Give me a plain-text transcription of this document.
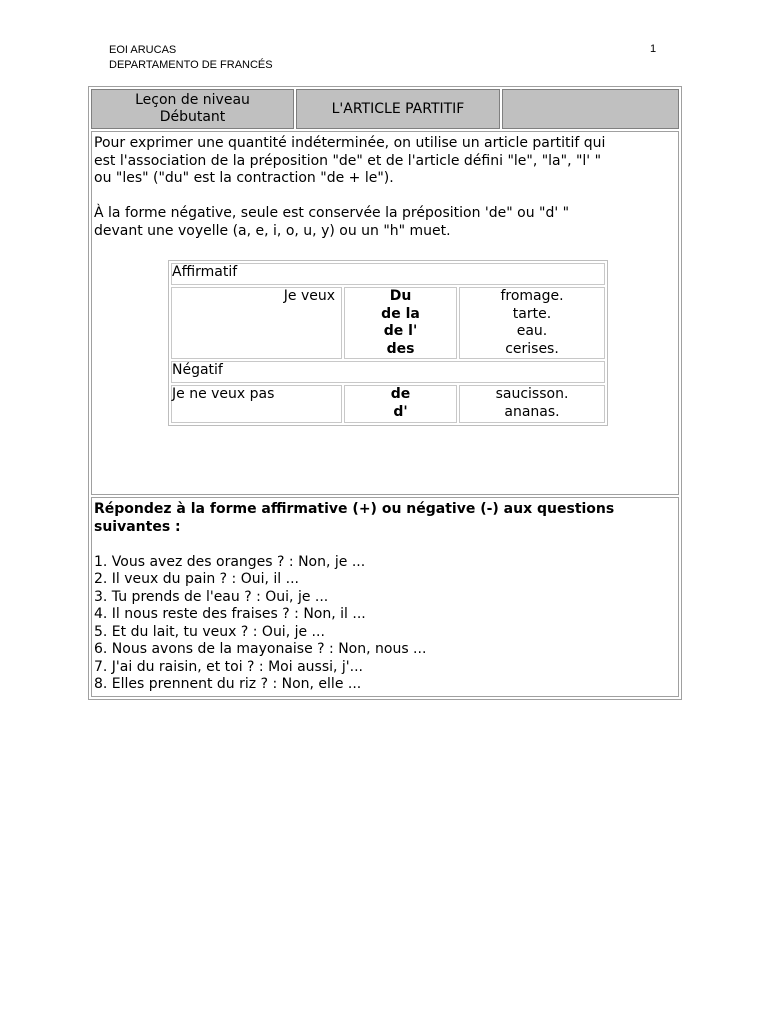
EOI ARUCAS
DEPARTAMENTO DE FRANCÉS
1
Leçon de niveau
Débutant
L'ARTICLE PARTITIF

Pour exprimer une quantité indéterminée, on utilise un article partitif qui

est l'association de la préposition "de" et de l'article défini "le", "la", "l' "

ou "les" ("du" est la contraction "de + le").

À la forme négative, seule est conservée la préposition 'de" ou "d' "

devant une voyelle (a, e, i, o, u, y) ou un "h" muet.

Affirmatif
Je veux	Du
de la
de l'
des
fromage.
tarte.
eau.
cerises.
Négatif
Je ne veux pas	de
d'
saucisson.
ananas.

Répondez à la forme affirmative (+) ou négative (-) aux questions

suivantes :

1. Vous avez des oranges ? : Non, je ...

2. Il veux du pain ? : Oui, il ...

3. Tu prends de l'eau ? : Oui, je ...

4. Il nous reste des fraises ? : Non, il ...

5. Et du lait, tu veux ? : Oui, je ...

6. Nous avons de la mayonaise ? : Non, nous ...

7. J'ai du raisin, et toi ? : Moi aussi, j'...

8. Elles prennent du riz ? : Non, elle ...
